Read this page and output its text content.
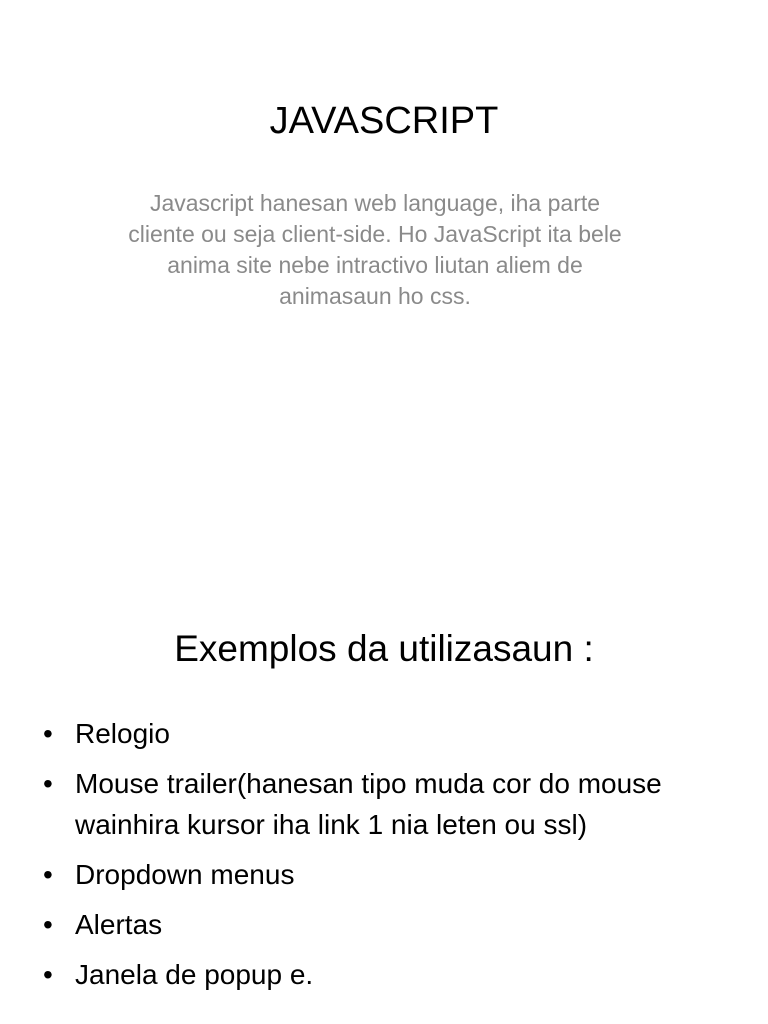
JAVASCRIPT
Javascript hanesan web language, iha parte cliente ou seja client-side. Ho JavaScript ita bele anima site nebe intractivo liutan aliem de animasaun ho css.
Exemplos da utilizasaun :
• Relogio
• Mouse trailer(hanesan tipo muda cor do mouse wainhira kursor iha link 1 nia leten ou ssl)
• Dropdown menus
• Alertas
• Janela de popup e.
